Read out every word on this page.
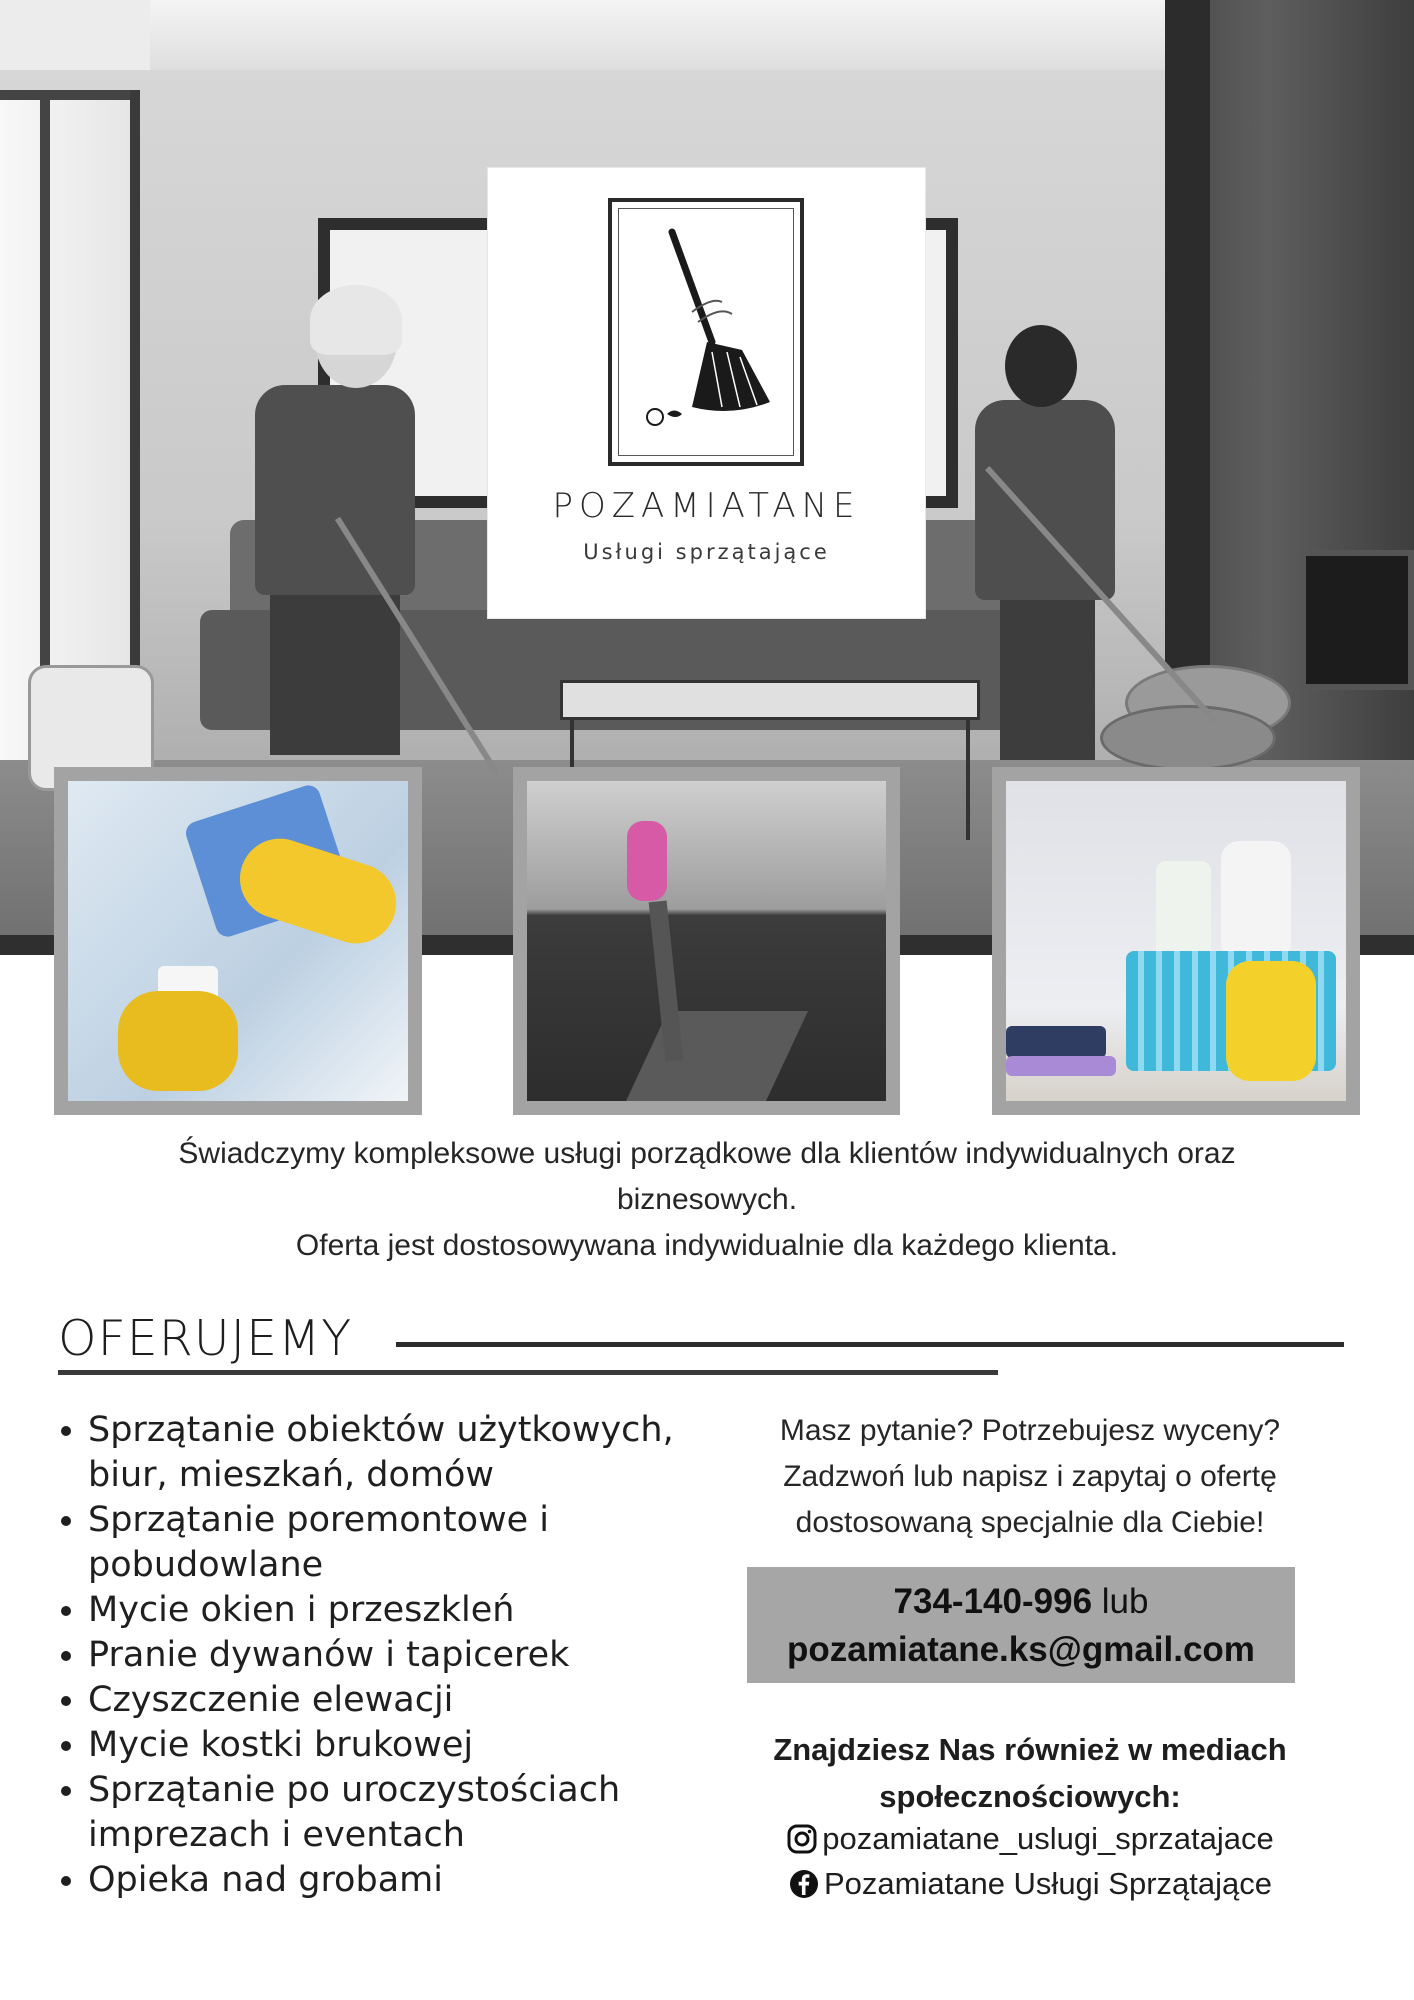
POZAMIATANE
Usługi sprzątające

Świadczymy kompleksowe usługi porządkowe dla klientów indywidualnych oraz

biznesowych.

Oferta jest dostosowywana indywidualnie dla każdego klienta.

OFERUJEMY
• Sprzątanie obiektów użytkowych, biur, mieszkań, domów
• Sprzątanie poremontowe i pobudowlane
• Mycie okien i przeszkleń
• Pranie dywanów i tapicerek
• Czyszczenie elewacji
• Mycie kostki brukowej
• Sprzątanie po uroczystościach imprezach i eventach
• Opieka nad grobami

Masz pytanie? Potrzebujesz wyceny?

Zadzwoń lub napisz i zapytaj o ofertę

dostosowaną specjalnie dla Ciebie!

734-140-996 lub
pozamiatane.ks@gmail.com

Znajdziesz Nas również w mediach

społecznościowych:

pozamiatane_uslugi_sprzatajace
Pozamiatane Usługi Sprzątające
